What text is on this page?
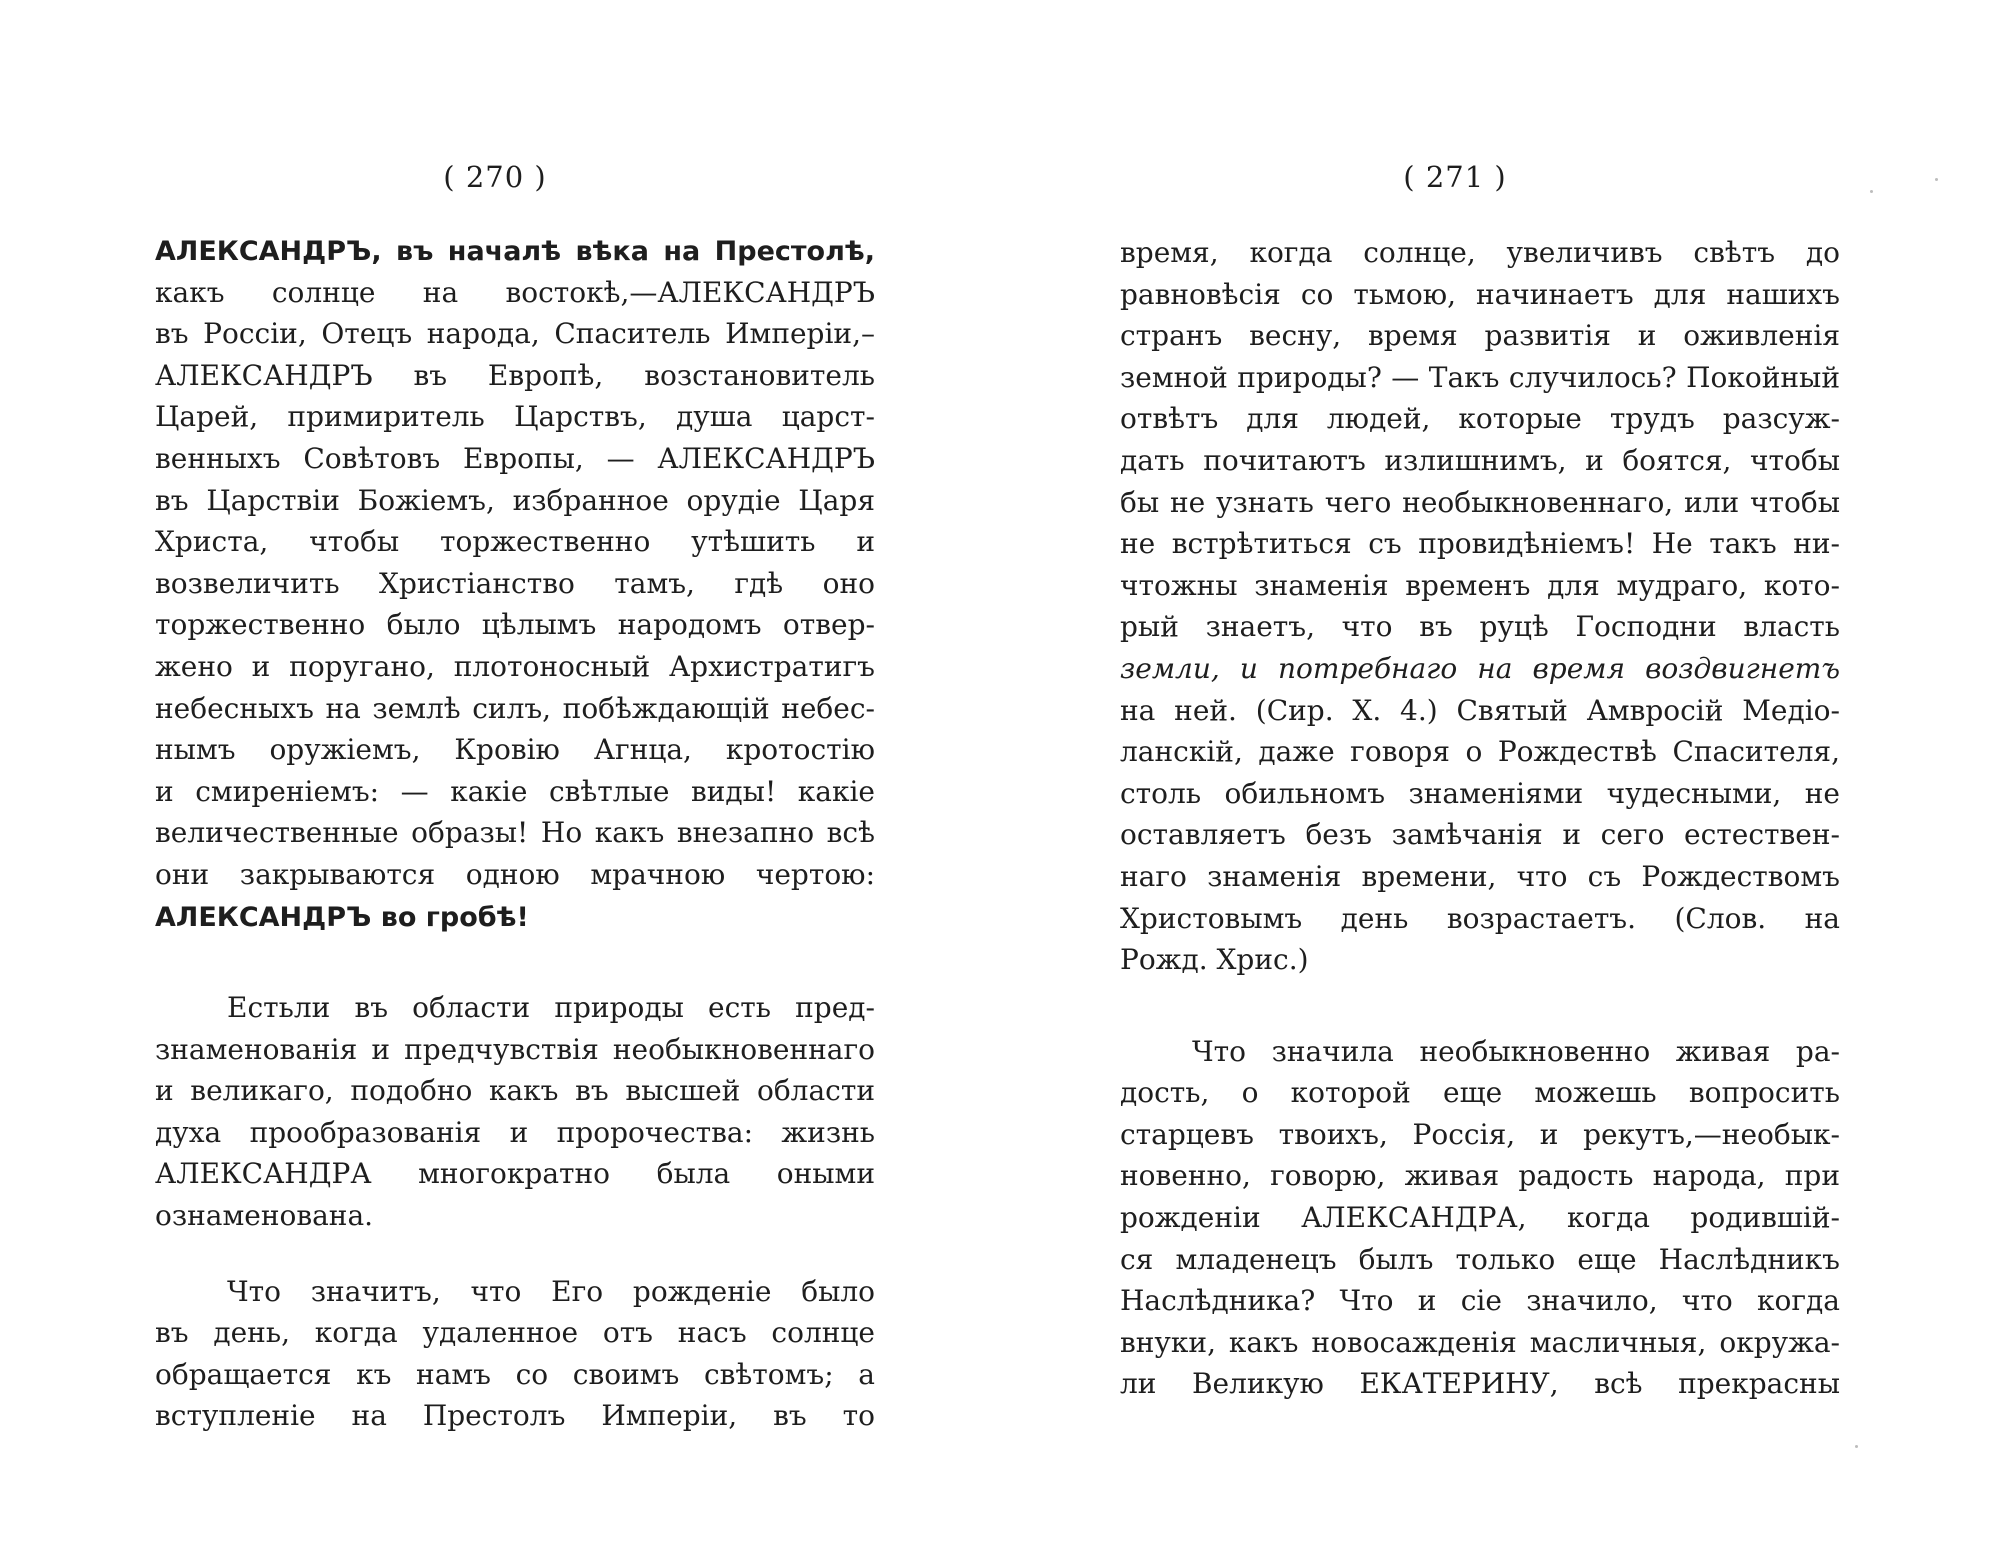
( 270 )
АЛЕКСАНДРЪ, въ началѣ вѣка на Престолѣ,
какъ солнце на востокѣ,—АЛЕКСАНДРЪ
въ Россіи, Отецъ народа, Спаситель Имперіи,–
АЛЕКСАНДРЪ въ Европѣ, возстановитель
Царей, примиритель Царствъ, душа царст-
венныхъ Совѣтовъ Европы, — АЛЕКСАНДРЪ
въ Царствіи Божіемъ, избранное орудіе Царя
Христа, чтобы торжественно утѣшить и
возвеличить Христіанство тамъ, гдѣ оно
торжественно было цѣлымъ народомъ отвер-
жено и поругано, плотоносный Архистратигъ
небесныхъ на землѣ силъ, побѣждающій небес-
нымъ оружіемъ, Кровію Агнца, кротостію
и смиреніемъ: — какіе свѣтлые виды! какіе
величественные образы! Но какъ внезапно всѣ
они закрываются одною мрачною чертою:
АЛЕКСАНДРЪ во гробѣ!
Естьли въ области природы есть пред-
знаменованія и предчувствія необыкновеннаго
и великаго, подобно какъ въ высшей области
духа прообразованія и пророчества: жизнь
АЛЕКСАНДРА многократно была оными
ознаменована.
Что значитъ, что Его рожденіе было
въ день, когда удаленное отъ насъ солнце
обращается къ намъ со своимъ свѣтомъ; а
вступленіе на Престолъ Имперіи, въ то
( 271 )
время, когда солнце, увеличивъ свѣтъ до
равновѣсія со тьмою, начинаетъ для нашихъ
странъ весну, время развитія и оживленія
земной природы? — Такъ случилось? Покойный
отвѣтъ для людей, которые трудъ разсуж-
дать почитаютъ излишнимъ, и боятся, чтобы
бы не узнать чего необыкновеннаго, или чтобы
не встрѣтиться съ провидѣніемъ! Не такъ ни-
чтожны знаменія временъ для мудраго, кото-
рый знаетъ, что въ руцѣ Господни власть
земли, и потребнаго на время воздвигнетъ
на ней. (Сир. X. 4.) Святый Амвросій Медіо-
ланскій, даже говоря о Рождествѣ Спасителя,
столь обильномъ знаменіями чудесными, не
оставляетъ безъ замѣчанія и сего естествен-
наго знаменія времени, что съ Рождествомъ
Христовымъ день возрастаетъ. (Слов. на
Рожд. Хрис.)
Что значила необыкновенно живая ра-
дость, о которой еще можешь вопросить
старцевъ твоихъ, Россія, и рекутъ,—необык-
новенно, говорю, живая радость народа, при
рожденіи АЛЕКСАНДРА, когда родившій-
ся младенецъ былъ только еще Наслѣдникъ
Наслѣдника? Что и сіе значило, что когда
внуки, какъ новосажденія масличныя, окружа-
ли Великую ЕКАТЕРИНУ, всѣ прекрасны
